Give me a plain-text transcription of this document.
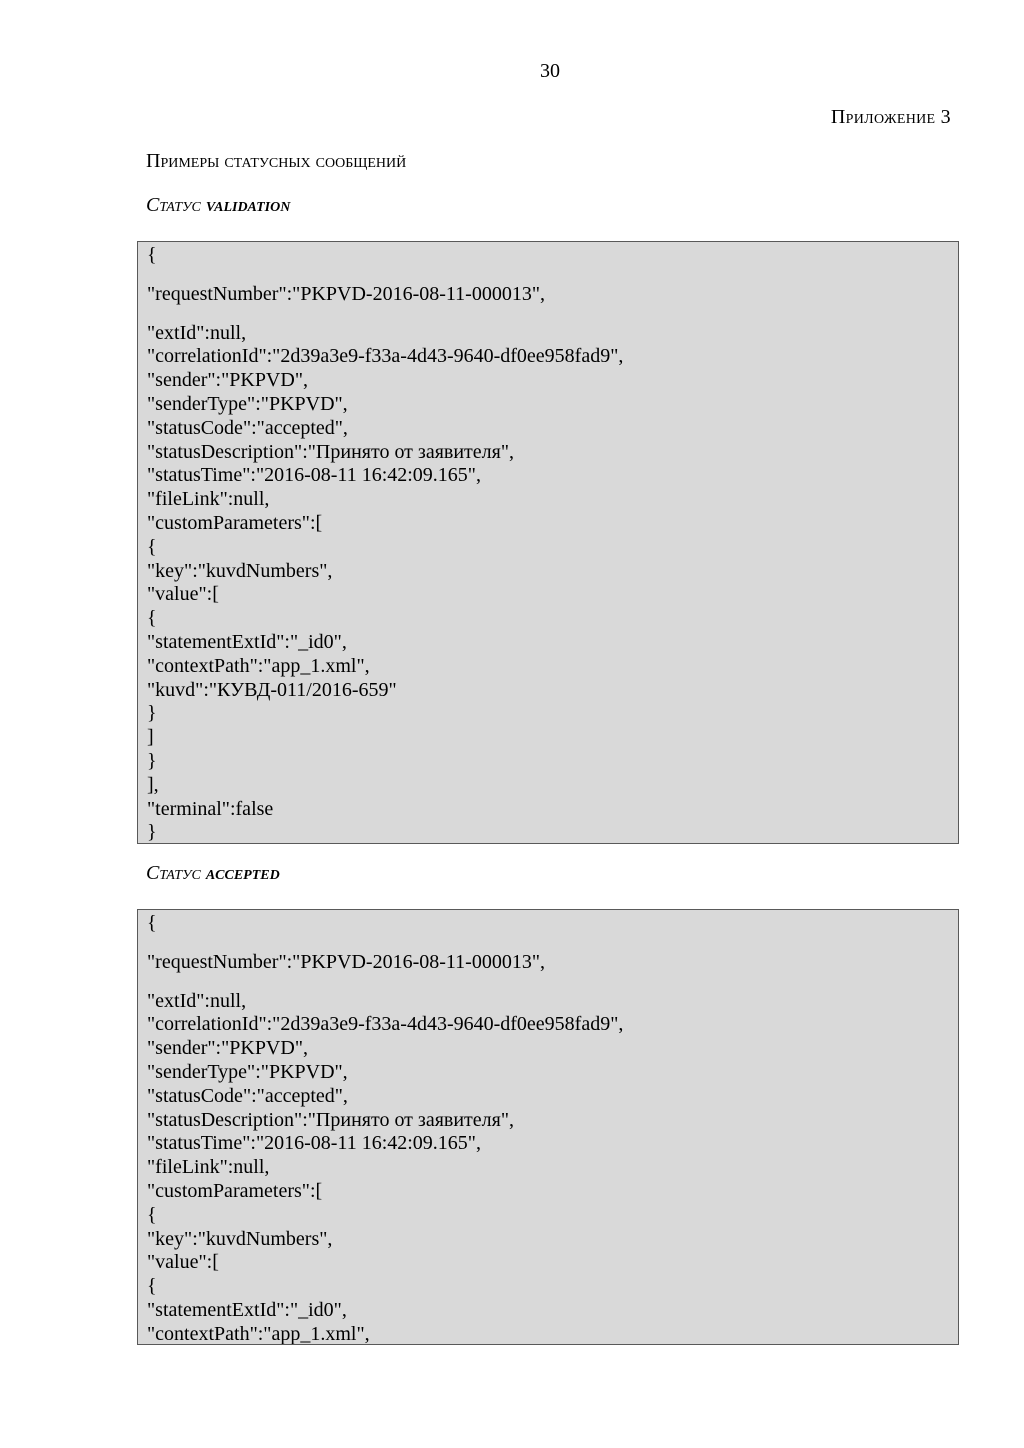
30
Приложение 3
Примеры статусных сообщений
Статус validation
{
"requestNumber":"PKPVD-2016-08-11-000013",
"extId":null,
"correlationId":"2d39a3e9-f33a-4d43-9640-df0ee958fad9",
"sender":"PKPVD",
"senderType":"PKPVD",
"statusCode":"accepted",
"statusDescription":"Принято от заявителя",
"statusTime":"2016-08-11 16:42:09.165",
"fileLink":null,
"customParameters":[
{
"key":"kuvdNumbers",
"value":[
{
"statementExtId":"_id0",
"contextPath":"app_1.xml",
"kuvd":"КУВД-011/2016-659"
}
]
}
],
"terminal":false
}
Статус accepted
{
"requestNumber":"PKPVD-2016-08-11-000013",
"extId":null,
"correlationId":"2d39a3e9-f33a-4d43-9640-df0ee958fad9",
"sender":"PKPVD",
"senderType":"PKPVD",
"statusCode":"accepted",
"statusDescription":"Принято от заявителя",
"statusTime":"2016-08-11 16:42:09.165",
"fileLink":null,
"customParameters":[
{
"key":"kuvdNumbers",
"value":[
{
"statementExtId":"_id0",
"contextPath":"app_1.xml",
